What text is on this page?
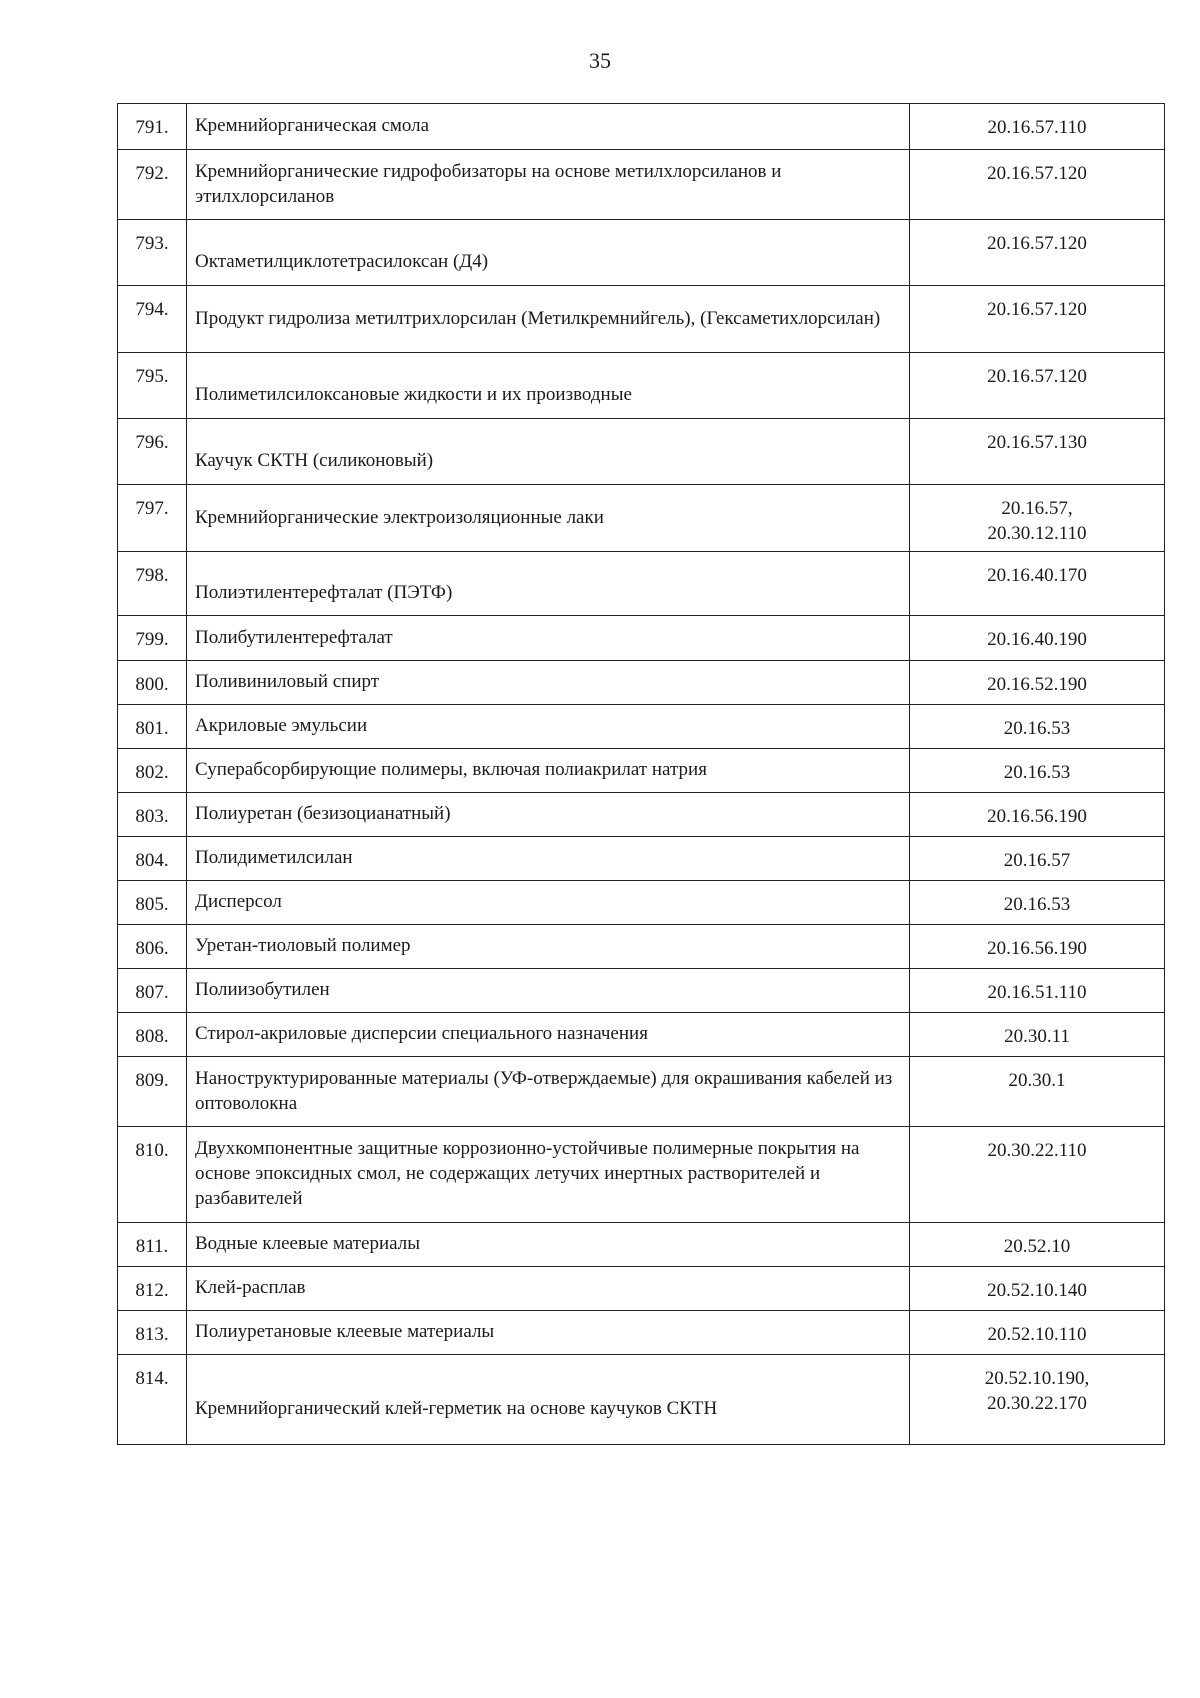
35
791.	Кремнийорганическая смола	20.16.57.110
792.	Кремнийорганические гидрофобизаторы на основе метилхлорсиланов и этилхлорсиланов	20.16.57.120
793.	Октаметилциклотетрасилоксан (Д4)	20.16.57.120
794.	Продукт гидролиза метилтрихлорсилан (Метилкремнийгель), (Гексаметихлорсилан)	20.16.57.120
795.	Полиметилсилоксановые жидкости и их производные	20.16.57.120
796.	Каучук СКТН (силиконовый)	20.16.57.130
797.	Кремнийорганические электроизоляционные лаки	20.16.57,
20.30.12.110
798.	Полиэтилентерефталат (ПЭТФ)	20.16.40.170
799.	Полибутилентерефталат	20.16.40.190
800.	Поливиниловый спирт	20.16.52.190
801.	Акриловые эмульсии	20.16.53
802.	Суперабсорбирующие полимеры, включая полиакрилат натрия	20.16.53
803.	Полиуретан (безизоцианатный)	20.16.56.190
804.	Полидиметилсилан	20.16.57
805.	Дисперсол	20.16.53
806.	Уретан-тиоловый полимер	20.16.56.190
807.	Полиизобутилен	20.16.51.110
808.	Стирол-акриловые дисперсии специального назначения	20.30.11
809.	Наноструктурированные материалы (УФ-отверждаемые) для окрашивания кабелей из оптоволокна	20.30.1
810.	Двухкомпонентные защитные коррозионно-устойчивые полимерные покрытия на основе эпоксидных смол, не содержащих летучих инертных растворителей и разбавителей	20.30.22.110
811.	Водные клеевые материалы	20.52.10
812.	Клей-расплав	20.52.10.140
813.	Полиуретановые клеевые материалы	20.52.10.110
814.	Кремнийорганический клей-герметик на основе каучуков СКТН	20.52.10.190,
20.30.22.170
